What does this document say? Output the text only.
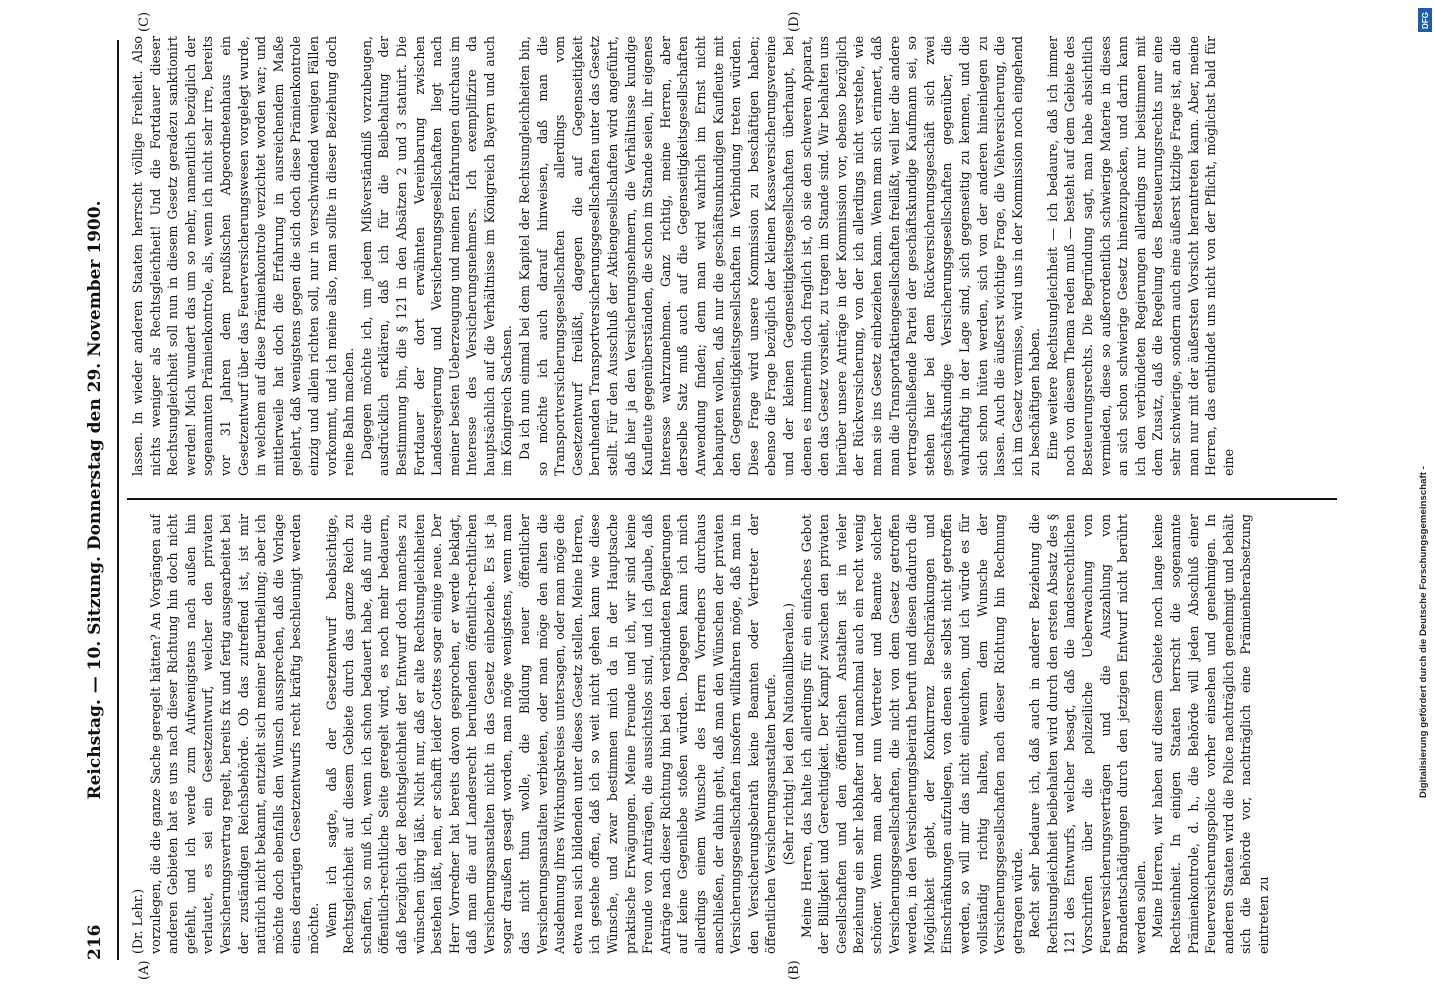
216
Reichstag. — 10. Sitzung. Donnerstag den 29. November 1900.
(A)	(B)
(C)	(D)

(Dr. Lehr.) vorzulegen, die die ganze Sache geregelt hätten? An Vorgängen auf anderen Gebieten hat es uns nach dieser Richtung hin doch nicht gefehlt, und ich werde zum Aufwenigstens nach außen hin verlautet, es sei ein Gesetzentwurf, welcher den privaten Versicherungsvertrag regelt, bereits fix und fertig ausgearbeitet bei der zuständigen Reichsbehörde. Ob das zutreffend ist, ist mir natürlich nicht bekannt, entzieht sich meiner Beurtheilung; aber ich möchte doch ebenfalls den Wunsch aussprechen, daß die Vorlage eines derartigen Gesetzentwurfs recht kräftig beschleunigt werden möchte. Wenn ich sagte, daß der Gesetzentwurf beabsichtige, Rechtsgleichheit auf diesem Gebiete durch das ganze Reich zu schaffen, so muß ich, wenn ich schon bedauert habe, daß nur die öffentlich-rechtliche Seite geregelt wird, es noch mehr bedauern, daß bezüglich der Rechtsgleichheit der Entwurf doch manches zu wünschen übrig läßt. Nicht nur, daß er alte Rechtsungleichheiten bestehen läßt, nein, er schafft leider Gottes sogar einige neue. Der Herr Vorredner hat bereits davon gesprochen, er werde beklagt, daß man die auf Landesrecht beruhenden öffentlich-rechtlichen Versicherungsanstalten nicht in das Gesetz einbeziehe. Es ist ja sogar draußen gesagt worden, man möge wenigstens, wenn man das nicht thun wolle, die Bildung neuer öffentlicher Versicherungsanstalten verbieten, oder man möge den alten die Ausdehnung ihres Wirkungskreises untersagen, oder man möge die etwa neu sich bildenden unter dieses Gesetz stellen. Meine Herren, ich gestehe offen, daß ich so weit nicht gehen kann wie diese Wünsche, und zwar bestimmen mich da in der Hauptsache praktische Erwägungen. Meine Freunde und ich, wir sind keine Freunde von Anträgen, die aussichtslos sind, und ich glaube, daß Anträge nach dieser Richtung hin bei den verbündeten Regierungen auf keine Gegenliebe stoßen würden. Dagegen kann ich mich allerdings einem Wunsche des Herrn Vorredners durchaus anschließen, der dahin geht, daß man den Wünschen der privaten Versicherungsgesellschaften insofern willfahren möge, daß man in den Versicherungsbeirath keine Beamten oder Vertreter der öffentlichen Versicherungsanstalten berufe. (Sehr richtig! bei den Nationalliberalen.) Meine Herren, das halte ich allerdings für ein einfaches Gebot der Billigkeit und Gerechtigkeit. Der Kampf zwischen den privaten Gesellschaften und den öffentlichen Anstalten ist in vieler Beziehung ein sehr lebhafter und manchmal auch ein recht wenig schöner. Wenn man aber nun Vertreter und Beamte solcher Versicherungsgesellschaften, die nicht von dem Gesetz getroffen werden, in den Versicherungsbeirath beruft und diesen dadurch die Möglichkeit giebt, der Konkurrenz Beschränkungen und Einschränkungen aufzulegen, von denen sie selbst nicht getroffen werden, so will mir das nicht einleuchten, und ich würde es für vollständig richtig halten, wenn dem Wunsche der Versicherungsgesellschaften nach dieser Richtung hin Rechnung getragen würde. Recht sehr bedaure ich, daß auch in anderer Beziehung die Rechtsungleichheit beibehalten wird durch den ersten Absatz des § 121 des Entwurfs, welcher besagt, daß die landesrechtlichen Vorschriften über die polizeiliche Ueberwachung von Feuerversicherungsverträgen und die Auszahlung von Brandentschädigungen durch den jetzigen Entwurf nicht berührt werden sollen. Meine Herren, wir haben auf diesem Gebiete noch lange keine Rechtseinheit. In einigen Staaten herrscht die sogenannte Prämienkontrole, d. h., die Behörde will jeden Abschluß einer Feuerversicherungspolice vorher einsehen und genehmigen. In anderen Staaten wird die Police nachträglich genehmigt und behält sich die Behörde vor, nachträglich eine Prämienherabsetzung eintreten zu

lassen. In wieder anderen Staaten herrscht völlige Freiheit. Also nichts weniger als Rechtsgleichheit! Und die Fortdauer dieser Rechtsungleichheit soll nun in diesem Gesetz geradezu sanktionirt werden! Mich wundert das um so mehr, namentlich bezüglich der sogenannten Prämienkontrole, als, wenn ich nicht sehr irre, bereits vor 31 Jahren dem preußischen Abgeordnetenhaus ein Gesetzentwurf über das Feuerversicherungswesen vorgelegt wurde, in welchem auf diese Prämienkontrole verzichtet worden war; und mittlerweile hat doch die Erfahrung in ausreichendem Maße gelehrt, daß wenigstens gegen die sich doch diese Prämienkontrole einzig und allein richten soll, nur in verschwindend wenigen Fällen vorkommt, und ich meine also, man sollte in dieser Beziehung doch reine Bahn machen. Dagegen möchte ich, um jedem Mißverständniß vorzubeugen, ausdrücklich erklären, daß ich für die Beibehaltung der Bestimmung bin, die § 121 in den Absätzen 2 und 3 statuirt. Die Fortdauer der dort erwähnten Vereinbarung zwischen Landesregierung und Versicherungsgesellschaften liegt nach meiner besten Ueberzeugung und meinen Erfahrungen durchaus im Interesse des Versicherungsnehmers. Ich exemplifizire da hauptsächlich auf die Verhältnisse im Königreich Bayern und auch im Königreich Sachsen. Da ich nun einmal bei dem Kapitel der Rechtsungleichheiten bin, so möchte ich auch darauf hinweisen, daß man die Transportversicherungsgesellschaften allerdings vom Gesetzentwurf freiläßt, dagegen die auf Gegenseitigkeit beruhenden Transportversicherungsgesellschaften unter das Gesetz stellt. Für den Ausschluß der Aktiengesellschaften wird angeführt, daß hier ja den Versicherungsnehmern, die Verhältnisse kundige Kaufleute gegenüberständen, die schon im Stande seien, ihr eigenes Interesse wahrzunehmen. Ganz richtig, meine Herren, aber derselbe Satz muß auch auf die Gegenseitigkeitsgesellschaften Anwendung finden; denn man wird wahrlich im Ernst nicht behaupten wollen, daß nur die geschäftsunkundigen Kaufleute mit den Gegenseitigkeitsgesellschaften in Verbindung treten würden. Diese Frage wird unsere Kommission zu beschäftigen haben; ebenso die Frage bezüglich der kleinen Kassaversicherungsvereine und der kleinen Gegenseitigkeitsgesellschaften überhaupt, bei denen es immerhin doch fraglich ist, ob sie den schweren Apparat, den das Gesetz vorsieht, zu tragen im Stande sind. Wir behalten uns hierüber unsere Anträge in der Kommission vor, ebenso bezüglich der Rückversicherung, von der ich allerdings nicht verstehe, wie man sie ins Gesetz einbeziehen kann. Wenn man sich erinnert, daß man die Transportaktiengesellschaften freiläßt, weil hier die andere vertragschließende Partei der geschäftskundige Kaufmann sei, so stehen hier bei dem Rückversicherungsgeschäft sich zwei geschäftskundige Versicherungsgesellschaften gegenüber, die wahrhaftig in der Lage sind, sich gegenseitig zu kennen, und die sich schon hüten werden, sich von der anderen hineinlegen zu lassen. Auch die äußerst wichtige Frage, die Viehversicherung, die ich im Gesetz vermisse, wird uns in der Kommission noch eingehend zu beschäftigen haben. Eine weitere Rechtsungleichheit — ich bedaure, daß ich immer noch von diesem Thema reden muß — besteht auf dem Gebiete des Besteuerungsrechts. Die Begründung sagt, man habe absichtlich vermieden, diese so außerordentlich schwierige Materie in dieses an sich schon schwierige Gesetz hineinzupacken, und darin kann ich den verbündeten Regierungen allerdings nur beistimmen mit dem Zusatz, daß die Regelung des Besteuerungsrechts nur eine sehr schwierige, sondern auch eine äußerst kitzlige Frage ist, an die man nur mit der äußersten Vorsicht herantreten kann. Aber, meine Herren, das entbindet uns nicht von der Pflicht, möglichst bald für eine

Digitalisierung gefördert durch die Deutsche Forschungsgemeinschaft -
DFG
